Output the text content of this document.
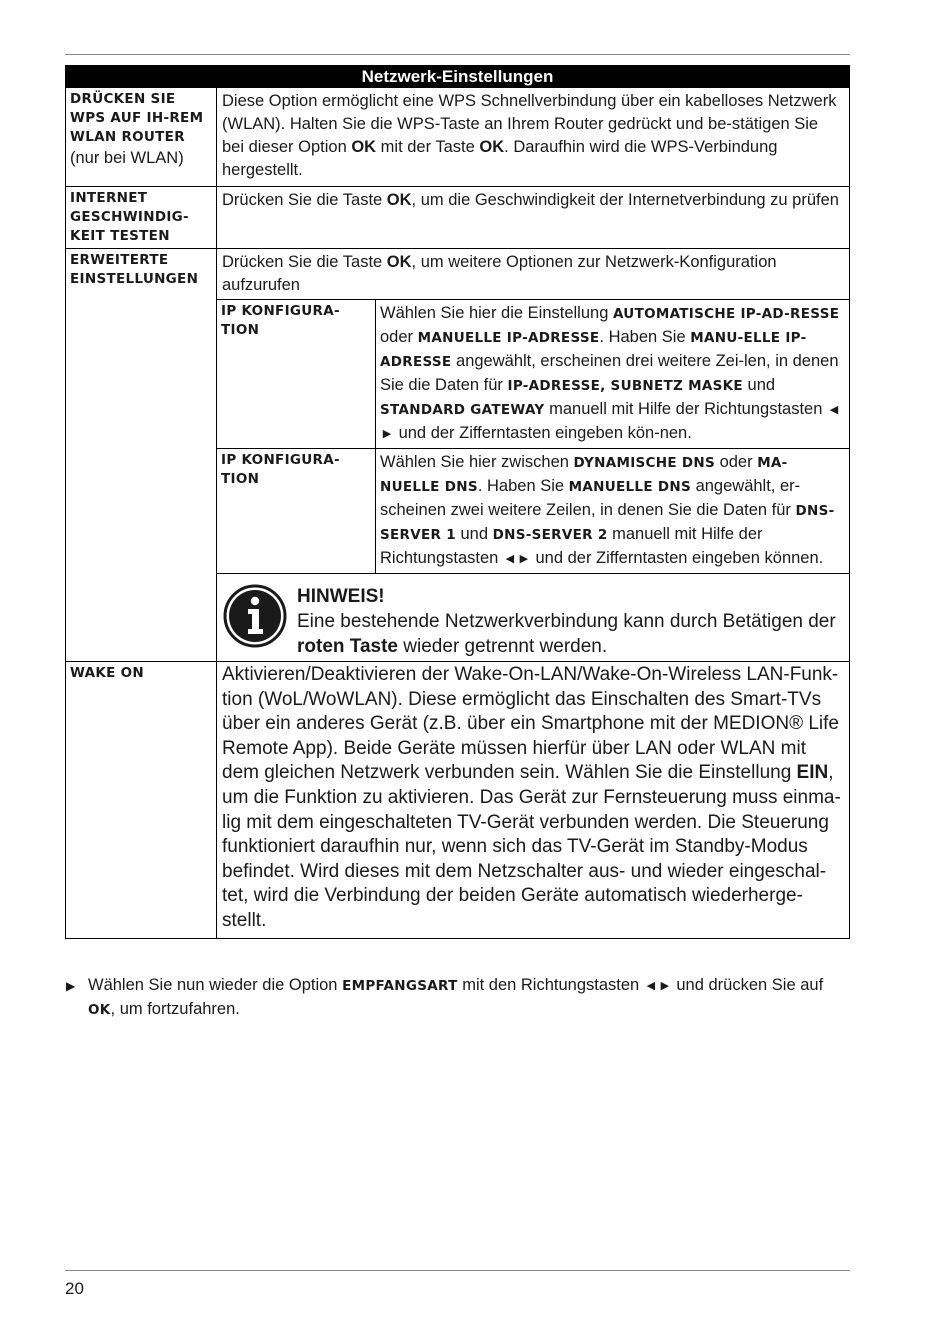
Netzwerk-Einstellungen
DRÜCKEN SIE WPS AUF IH-REM WLAN ROUTER
(nur bei WLAN)
Diese Option ermöglicht eine WPS Schnellverbindung über ein kabelloses Netzwerk (WLAN). Halten Sie die WPS-Taste an Ihrem Router gedrückt und be-stätigen Sie bei dieser Option OK mit der Taste OK. Daraufhin wird die WPS-Verbindung hergestellt.
INTERNET GESCHWINDIG-KEIT TESTEN
Drücken Sie die Taste OK, um die Geschwindigkeit der Internetverbindung zu prüfen
ERWEITERTE EINSTELLUNGEN
Drücken Sie die Taste OK, um weitere Optionen zur Netzwerk-Konfiguration aufzurufen
IP KONFIGURA-TION
Wählen Sie hier die Einstellung AUTOMATISCHE IP-AD-RESSE oder MANUELLE IP-ADRESSE. Haben Sie MANU-ELLE IP-ADRESSE angewählt, erscheinen drei weitere Zei-len, in denen Sie die Daten für IP-ADRESSE, SUBNETZ MASKE und STANDARD GATEWAY manuell mit Hilfe der Richtungstasten ◀▶ und der Zifferntasten eingeben kön-nen.
IP KONFIGURA-TION
Wählen Sie hier zwischen DYNAMISCHE DNS oder MA-NUELLE DNS. Haben Sie MANUELLE DNS angewählt, er-scheinen zwei weitere Zeilen, in denen Sie die Daten für DNS-SERVER 1 und DNS-SERVER 2 manuell mit Hilfe der Richtungstasten ◀ ▶ und der Zifferntasten eingeben können.
HINWEIS!
Eine bestehende Netzwerkverbindung kann durch Betätigen der roten Taste wieder getrennt werden.
WAKE ON	Aktivieren/Deaktivieren der Wake-On-LAN/Wake-On-Wireless LAN-Funk-tion (WoL/WoWLAN). Diese ermöglicht das Einschalten des Smart-TVs über ein anderes Gerät (z.B. über ein Smartphone mit der MEDION® Life Remote App). Beide Geräte müssen hierfür über LAN oder WLAN mit dem gleichen Netzwerk verbunden sein. Wählen Sie die Einstellung EIN, um die Funktion zu aktivieren. Das Gerät zur Fernsteuerung muss einma-lig mit dem eingeschalteten TV-Gerät verbunden werden. Die Steuerung funktioniert daraufhin nur, wenn sich das TV-Gerät im Standby-Modus befindet. Wird dieses mit dem Netzschalter aus- und wieder eingeschal-tet, wird die Verbindung der beiden Geräte automatisch wiederherge-stellt.
▶ Wählen Sie nun wieder die Option EMPFANGSART mit den Richtungstasten ◀ ▶ und drücken Sie auf OK, um fortzufahren.
20
